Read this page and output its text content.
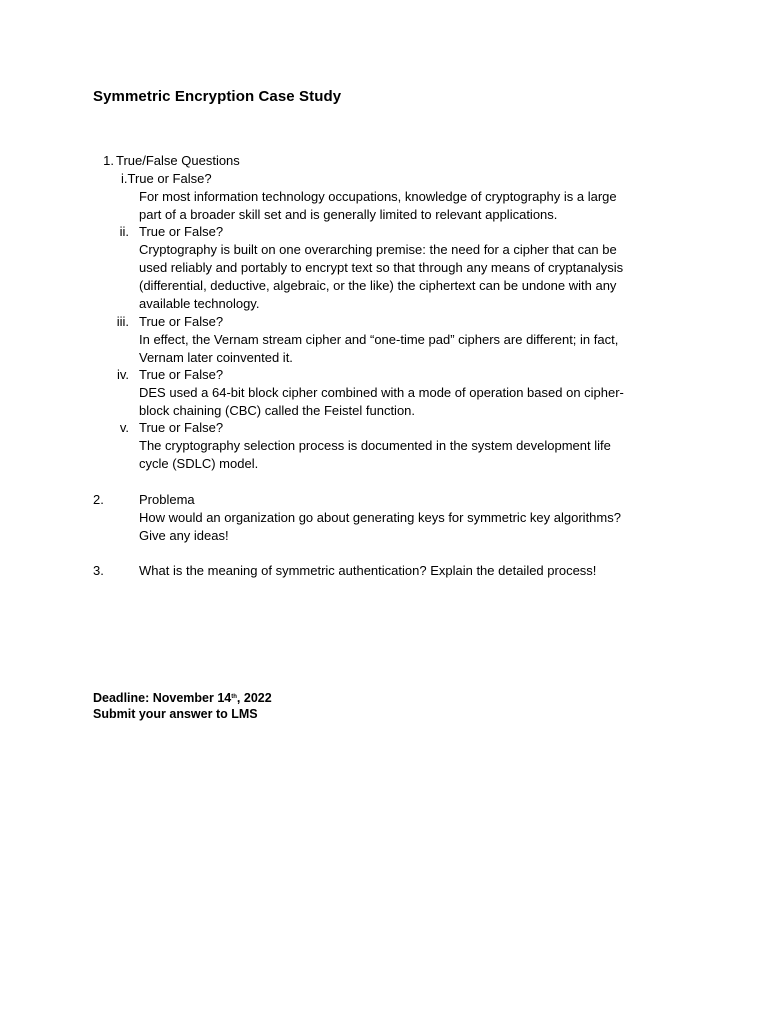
Symmetric Encryption Case Study
1. True/False Questions
i.True or False?
For most information technology occupations, knowledge of cryptography is a large
part of a broader skill set and is generally limited to relevant applications.
ii. True or False?
Cryptography is built on one overarching premise: the need for a cipher that can be
used reliably and portably to encrypt text so that through any means of cryptanalysis
(differential, deductive, algebraic, or the like) the ciphertext can be undone with any
available technology.
iii. True or False?
In effect, the Vernam stream cipher and “one-time pad” ciphers are different; in fact,
Vernam later coinvented it.
iv. True or False?
DES used a 64-bit block cipher combined with a mode of operation based on cipher-
block chaining (CBC) called the Feistel function.
v. True or False?
The cryptography selection process is documented in the system development life
cycle (SDLC) model.
2.	Problema
How would an organization go about generating keys for symmetric key algorithms?
Give any ideas!
3.	What is the meaning of symmetric authentication? Explain the detailed process!
Deadline: November 14th, 2022
Submit your answer to LMS
